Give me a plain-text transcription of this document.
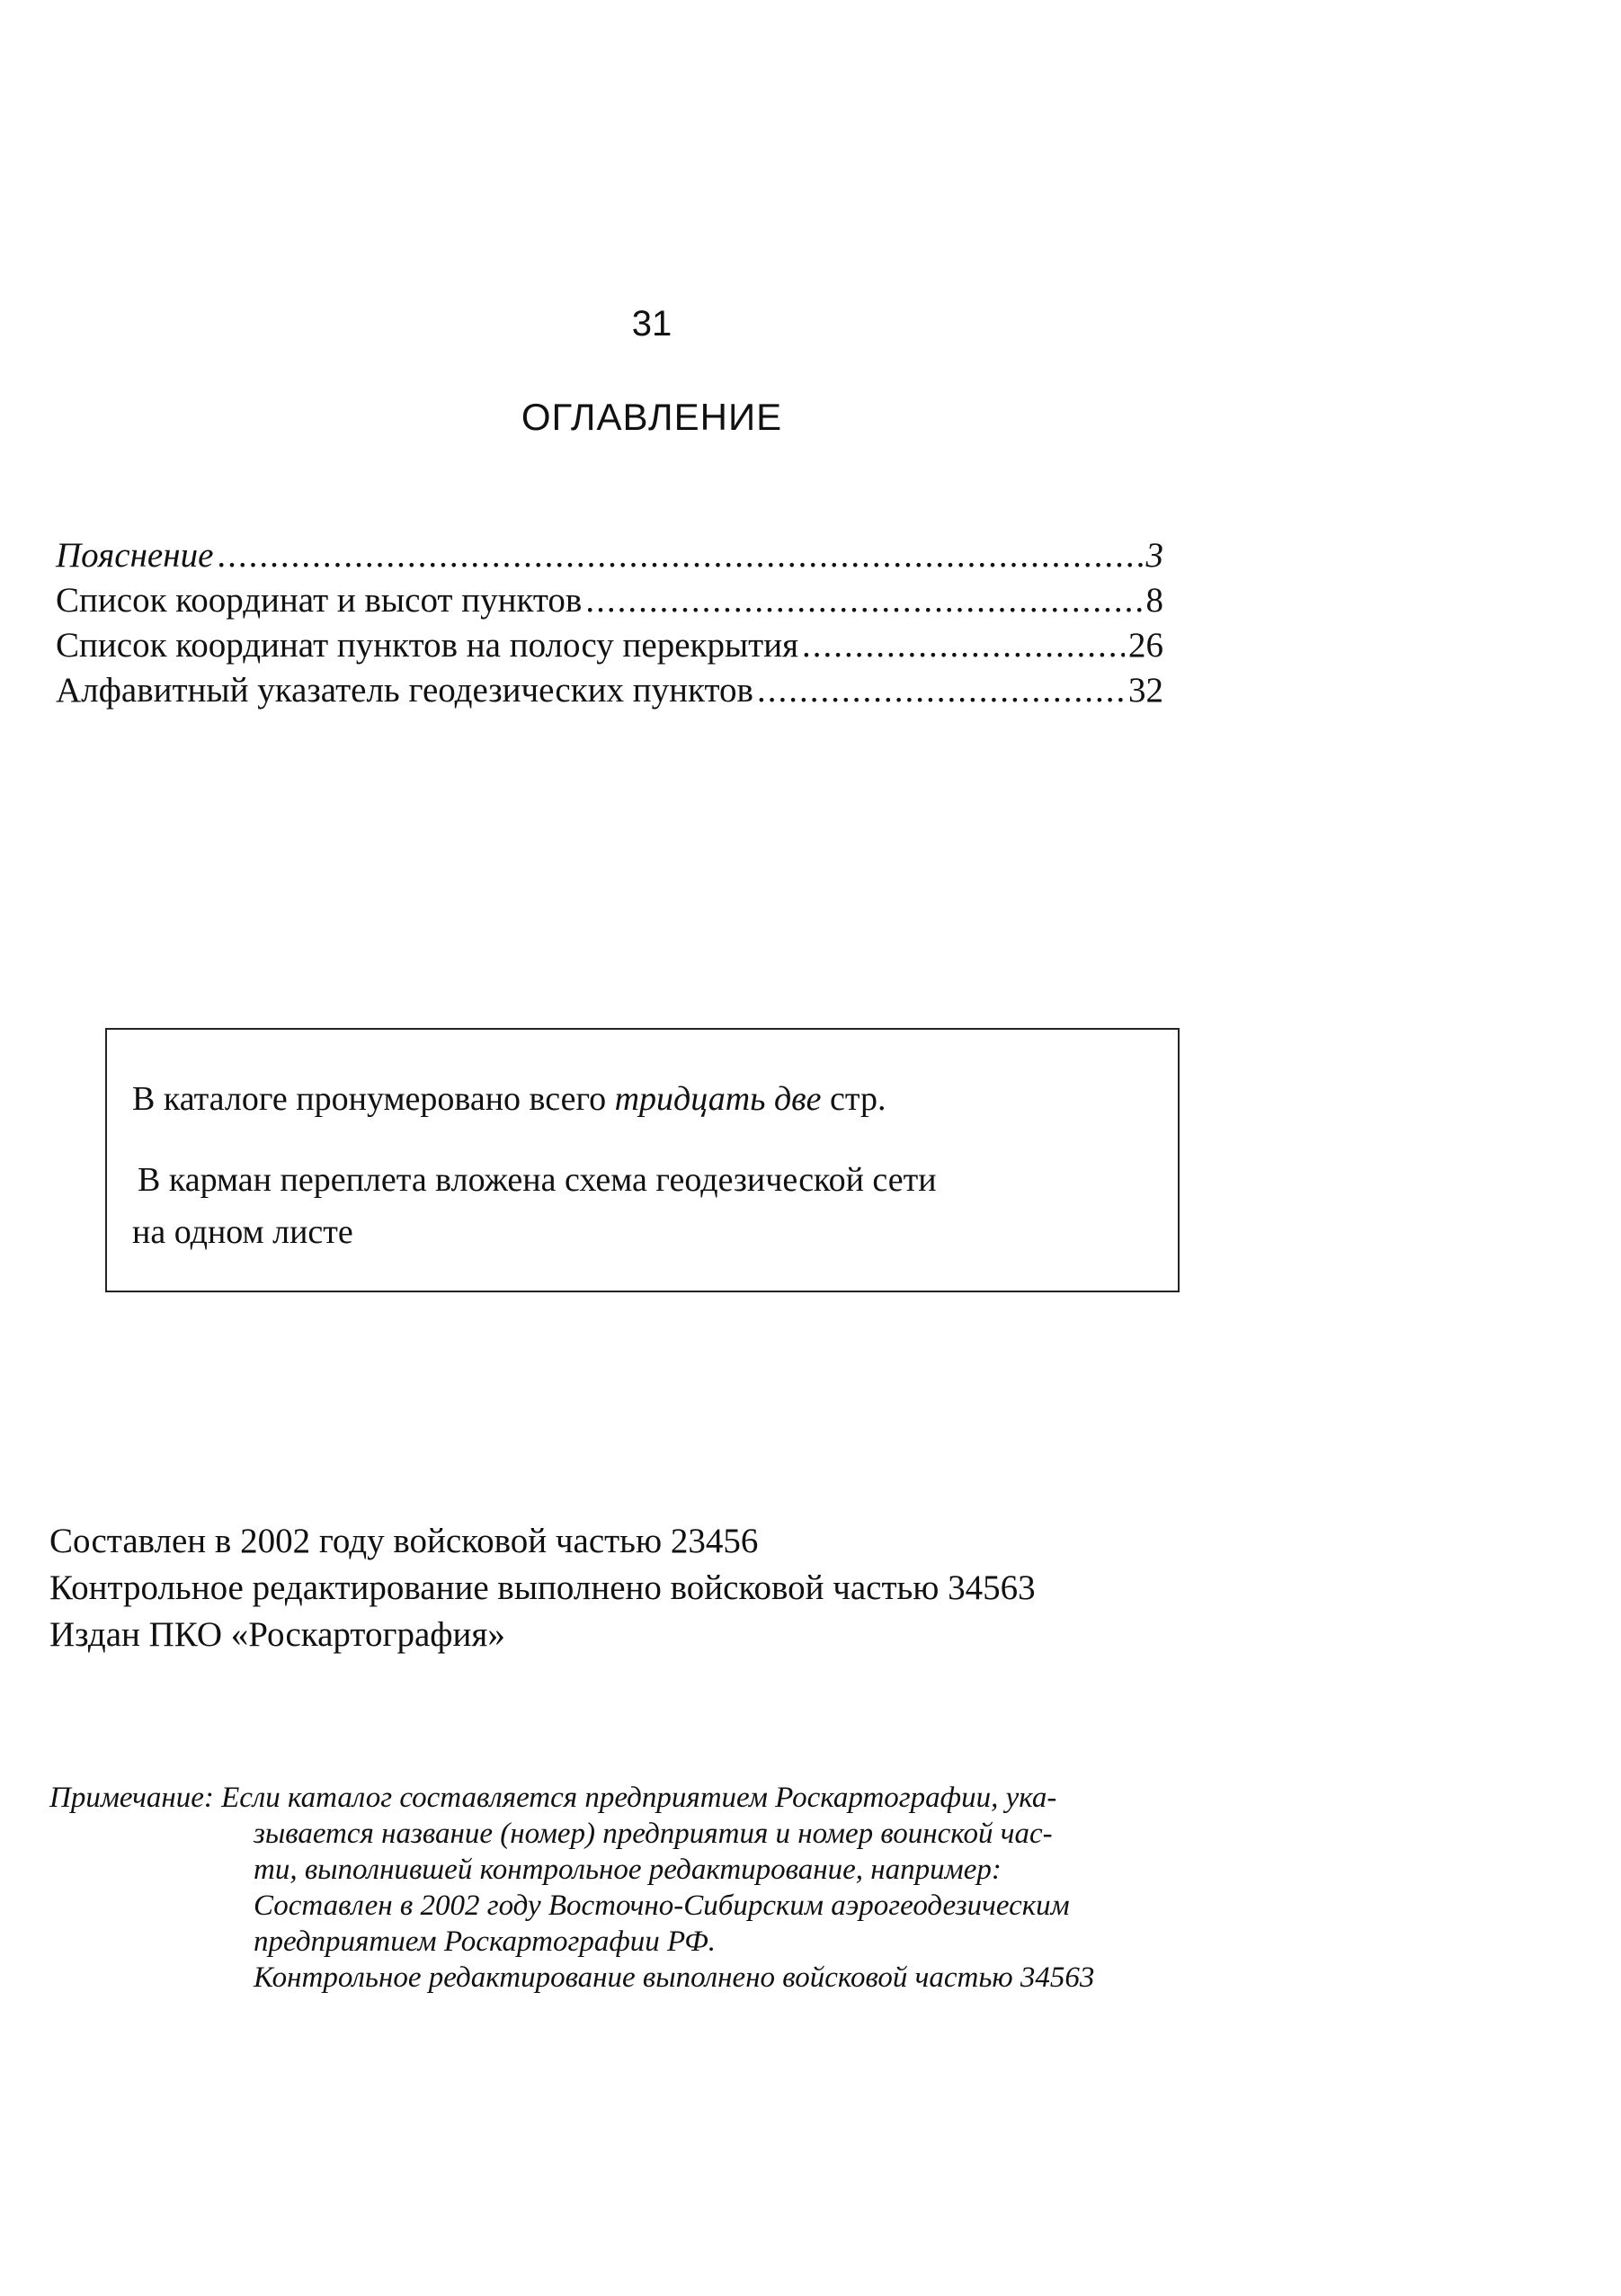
31
ОГЛАВЛЕНИЕ
Пояснение .....	3
Список координат и высот пунктов .....	8
Список координат пунктов на полосу перекрытия .....	26
Алфавитный указатель геодезических пунктов .....	32
В каталоге пронумеровано всего тридцать две стр.
В карман переплета вложена схема геодезической сети
на одном листе
Составлен в 2002 году войсковой частью 23456
Контрольное редактирование выполнено войсковой частью 34563
Издан ПКО «Роскартография»
Примечание: Если каталог составляется предприятием Роскартографии, ука-
зывается название (номер) предприятия и номер воинской час-
ти, выполнившей контрольное редактирование, например:
Составлен в 2002 году Восточно-Сибирским аэрогеодезическим
предприятием Роскартографии РФ.
Контрольное редактирование выполнено войсковой частью 34563
